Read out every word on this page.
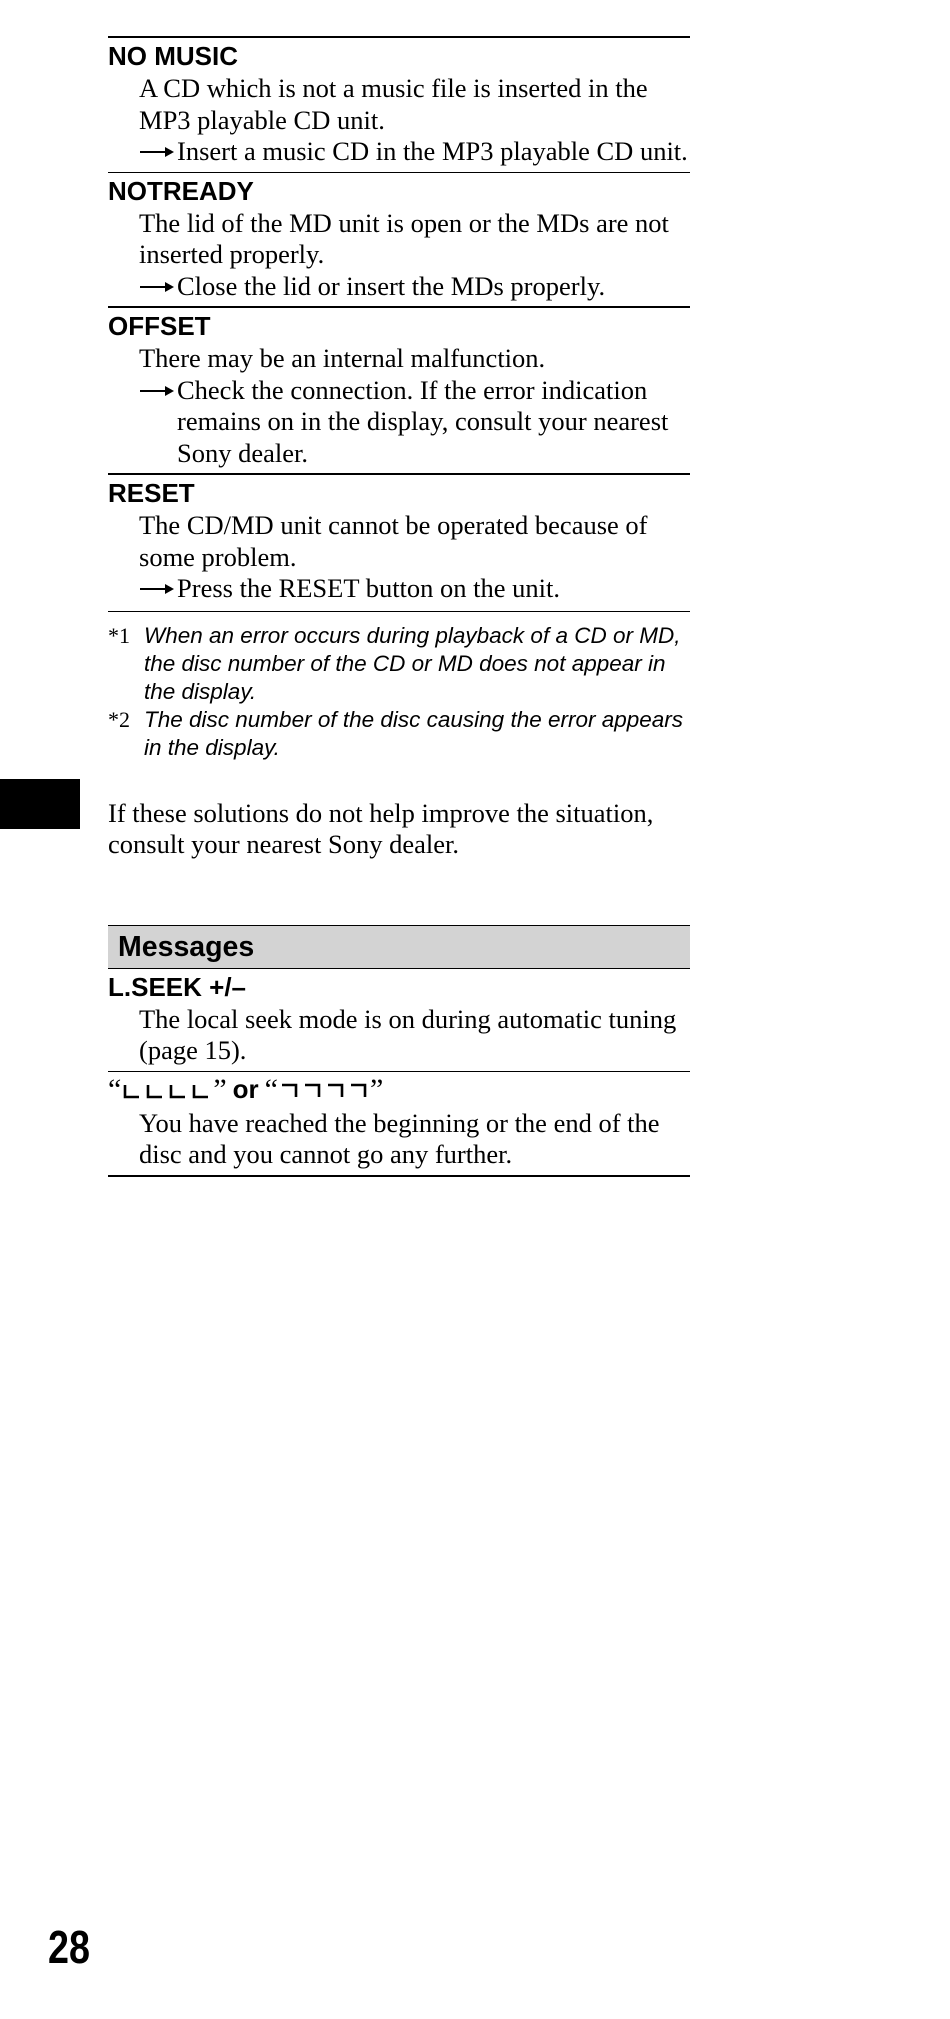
NO MUSIC

A CD which is not a music file is inserted in the MP3 playable CD unit.

Insert a music CD in the MP3 playable CD unit.

NOTREADY

The lid of the MD unit is open or the MDs are not inserted properly.

Close the lid or insert the MDs properly.

OFFSET

There may be an internal malfunction.

Check the connection. If the error indication remains on in the display, consult your nearest Sony dealer.

RESET

The CD/MD unit cannot be operated because of some problem.

Press the RESET button on the unit.
*1 When an error occurs during playback of a CD or MD, the disc number of the CD or MD does not appear in the display.
*2 The disc number of the disc causing the error appears in the display.

If these solutions do not help improve the situation, consult your nearest Sony dealer.

Messages

L.SEEK +/–

The local seek mode is on during automatic tuning (page 15).

“	” or “	”

You have reached the beginning or the end of the disc and you cannot go any further.

28
